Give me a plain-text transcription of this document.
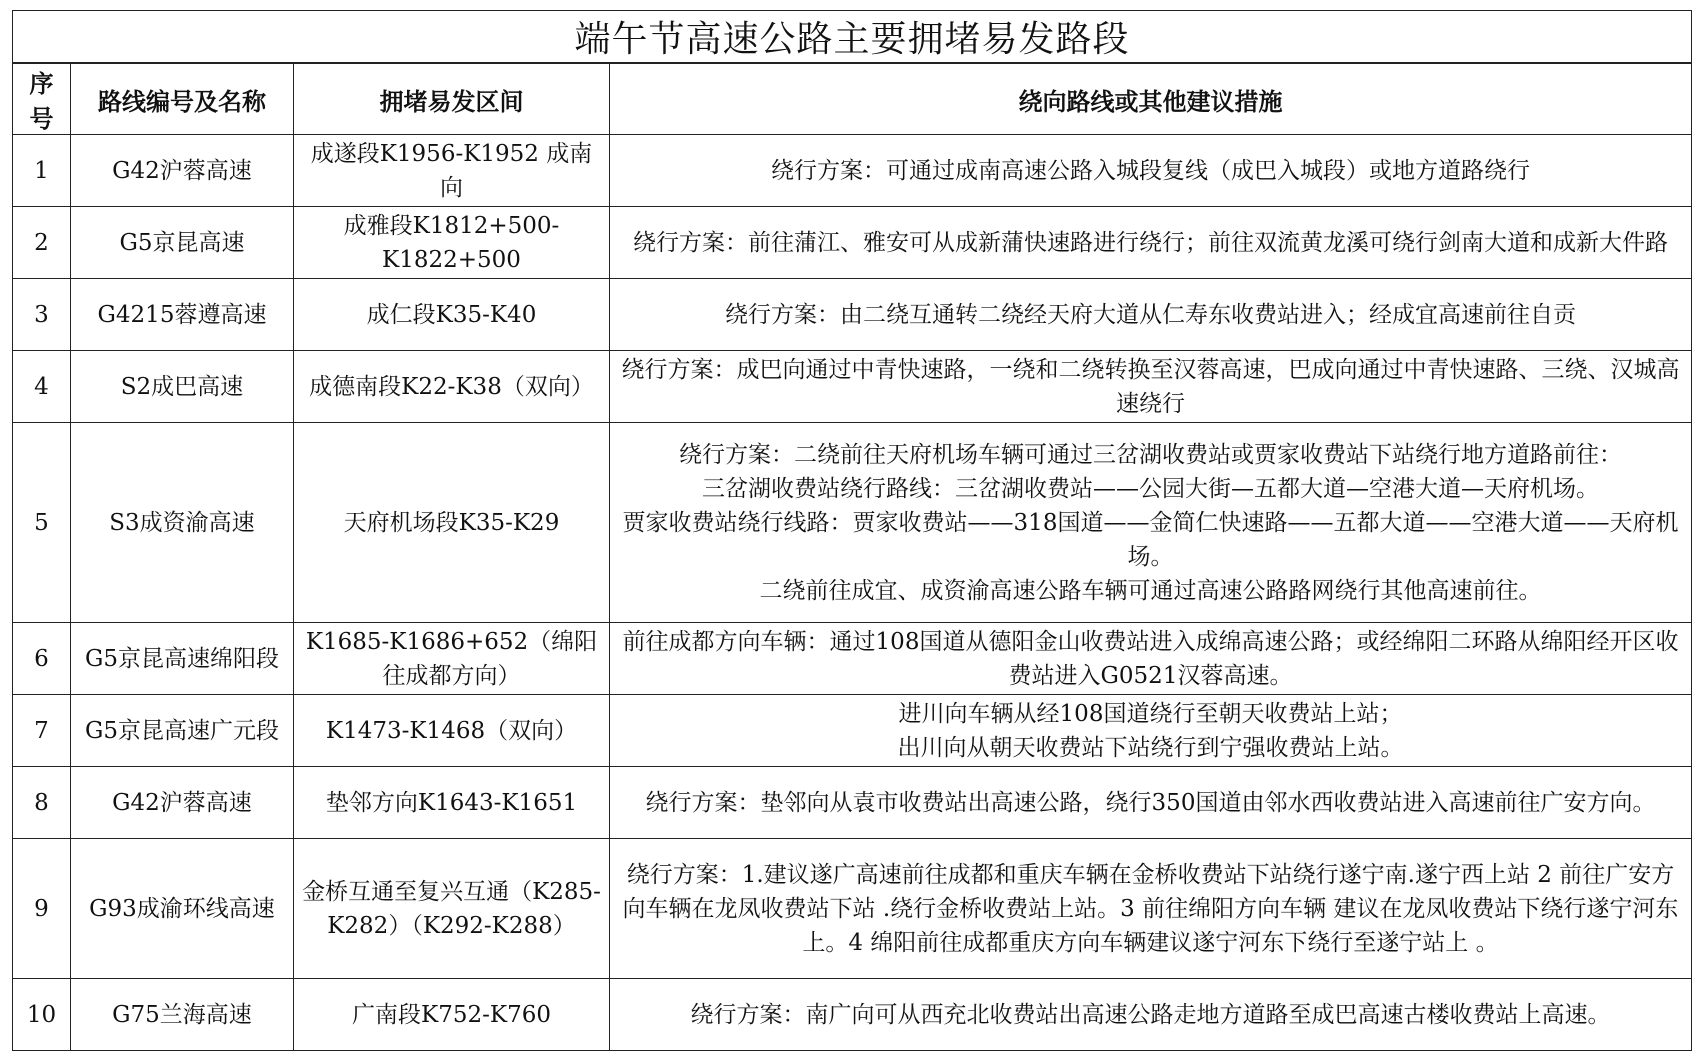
端午节高速公路主要拥堵易发路段			
序号	路线编号及名称	拥堵易发区间	绕向路线或其他建议措施
1	G42沪蓉高速	成遂段K1956-K1952 成南向	绕行方案：可通过成南高速公路入城段复线（成巴入城段）或地方道路绕行

2	G5京昆高速	成雅段K1812+500-K1822+500	绕行方案：前往蒲江、雅安可从成新蒲快速路进行绕行；前往双流黄龙溪可绕行剑南大道和成新大件路

3	G4215蓉遵高速	成仁段K35-K40	绕行方案：由二绕互通转二绕经天府大道从仁寿东收费站进入；经成宜高速前往自贡

4	S2成巴高速	成德南段K22-K38（双向）	绕行方案：成巴向通过中青快速路，一绕和二绕转换至汉蓉高速，巴成向通过中青快速路、三绕、汉城高速绕行

5	S3成资渝高速	天府机场段K35-K29	绕行方案：二绕前往天府机场车辆可通过三岔湖收费站或贾家收费站下站绕行地方道路前往：
三岔湖收费站绕行路线：三岔湖收费站——公园大街—五都大道—空港大道—天府机场。
贾家收费站绕行线路：贾家收费站——318国道——金简仁快速路——五都大道——空港大道——天府机场。
二绕前往成宜、成资渝高速公路车辆可通过高速公路路网绕行其他高速前往。

6	G5京昆高速绵阳段	K1685-K1686+652（绵阳往成都方向）	前往成都方向车辆：通过108国道从德阳金山收费站进入成绵高速公路；或经绵阳二环路从绵阳经开区收费站进入G0521汉蓉高速。

7	G5京昆高速广元段	K1473-K1468（双向）	进川向车辆从经108国道绕行至朝天收费站上站；
出川向从朝天收费站下站绕行到宁强收费站上站。

8	G42沪蓉高速	垫邻方向K1643-K1651	绕行方案：垫邻向从袁市收费站出高速公路，绕行350国道由邻水西收费站进入高速前往广安方向。

9	G93成渝环线高速	金桥互通至复兴互通（K285-K282）（K292-K288）	绕行方案：1.建议遂广高速前往成都和重庆车辆在金桥收费站下站绕行遂宁南.遂宁西上站 2 前往广安方向车辆在龙凤收费站下站 .绕行金桥收费站上站。3 前往绵阳方向车辆 建议在龙凤收费站下绕行遂宁河东上。4 绵阳前往成都重庆方向车辆建议遂宁河东下绕行至遂宁站上 。

10	G75兰海高速	广南段K752-K760	绕行方案：南广向可从西充北收费站出高速公路走地方道路至成巴高速古楼收费站上高速。
